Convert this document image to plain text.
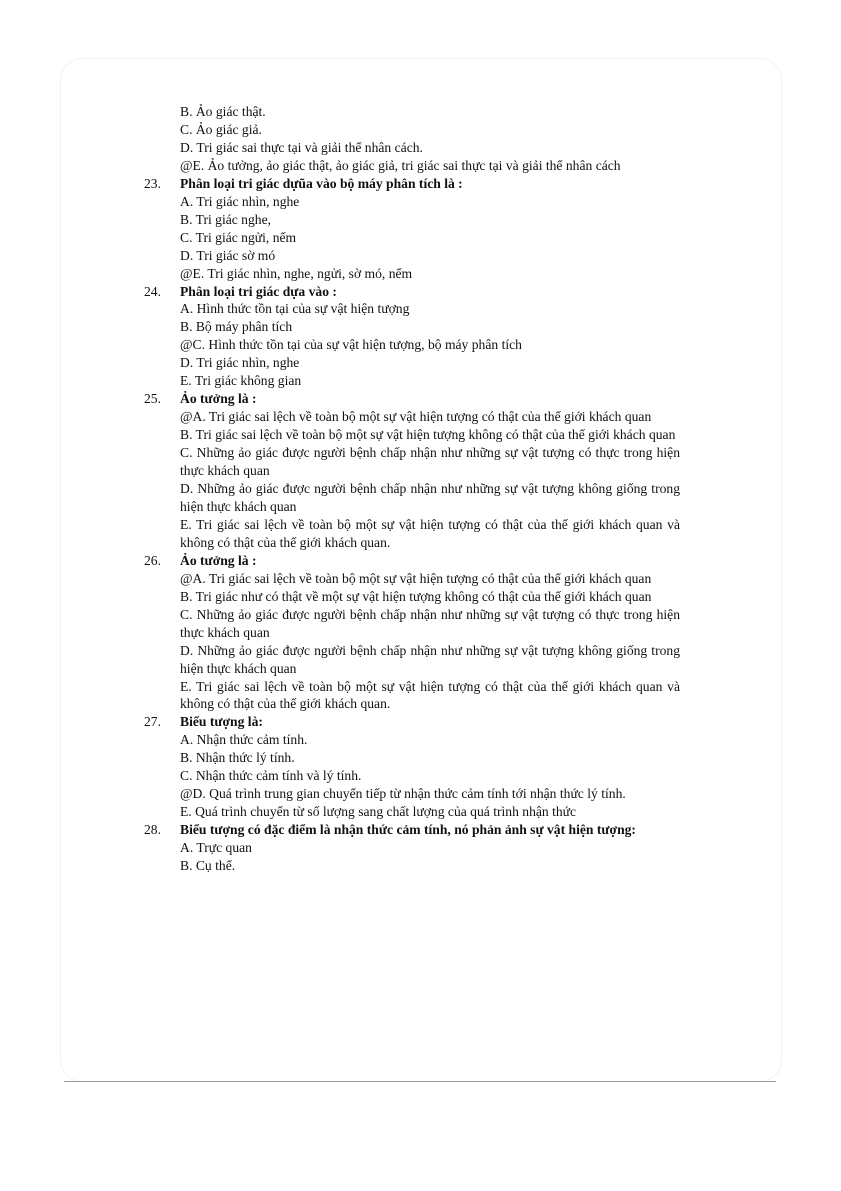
B. Ảo giác thật.
C. Ảo giác giả.
D. Tri giác sai thực tại và giải thể nhân cách.
@E. Ảo tưởng, ảo giác thật, ảo giác giả, tri giác sai thực tại và giải thể nhân cách
23.	Phân loại tri giác dựũa vào bộ máy phân tích là :
A. Tri giác nhìn, nghe
B. Tri giác nghe,
C. Tri giác ngửi, nếm
D. Tri giác sờ mó
@E. Tri giác nhìn, nghe, ngửi, sờ mó, nếm
24.	Phân loại tri giác dựa vào :
A. Hình thức tồn tại của sự vật hiện tượng
B. Bộ máy phân tích
@C. Hình thức tồn tại của sự vật hiện tượng, bộ máy phân tích
D. Tri giác nhìn, nghe
E. Tri giác không gian
25.	Ảo tưởng là :
@A. Tri giác sai lệch về toàn bộ một sự vật hiện tượng có thật của thế giới khách quan
B. Tri giác sai lệch về toàn bộ một sự vật hiện tượng không có thật của thế giới khách quan
C. Những ảo giác được người bệnh chấp nhận như những sự vật tượng có thực trong hiện thực khách quan
D. Những ảo giác được người bệnh chấp nhận như những sự vật tượng không giống trong hiện thực khách quan
E. Tri giác sai lệch về toàn bộ một sự vật hiện tượng có thật của thế giới khách quan và không có thật của thế giới khách quan.
26.	Ảo tưởng là :
@A. Tri giác sai lệch về toàn bộ một sự vật hiện tượng có thật của thế giới khách quan
B. Tri giác như có thật về một sự vật hiện tượng không có thật của thế giới khách quan
C. Những ảo giác được người bệnh chấp nhận như những sự vật tượng có thực trong hiện thực khách quan
D. Những ảo giác được người bệnh chấp nhận như những sự vật tượng không giống trong hiện thực khách quan
E. Tri giác sai lệch về toàn bộ một sự vật hiện tượng có thật của thế giới khách quan và không có thật của thế giới khách quan.
27.	Biểu tượng là:
A. Nhận thức cảm tính.
B. Nhận thức lý tính.
C. Nhận thức cảm tính và lý tính.
@D. Quá trình trung gian chuyển tiếp từ nhận thức cảm tính tới nhận thức lý tính.
E. Quá trình chuyển từ số lượng sang chất lượng của quá trình nhận thức
28.	Biểu tượng có đặc điểm là nhận thức cảm tính, nó phản ảnh sự vật hiện tượng:
A. Trực quan
B. Cụ thể.
